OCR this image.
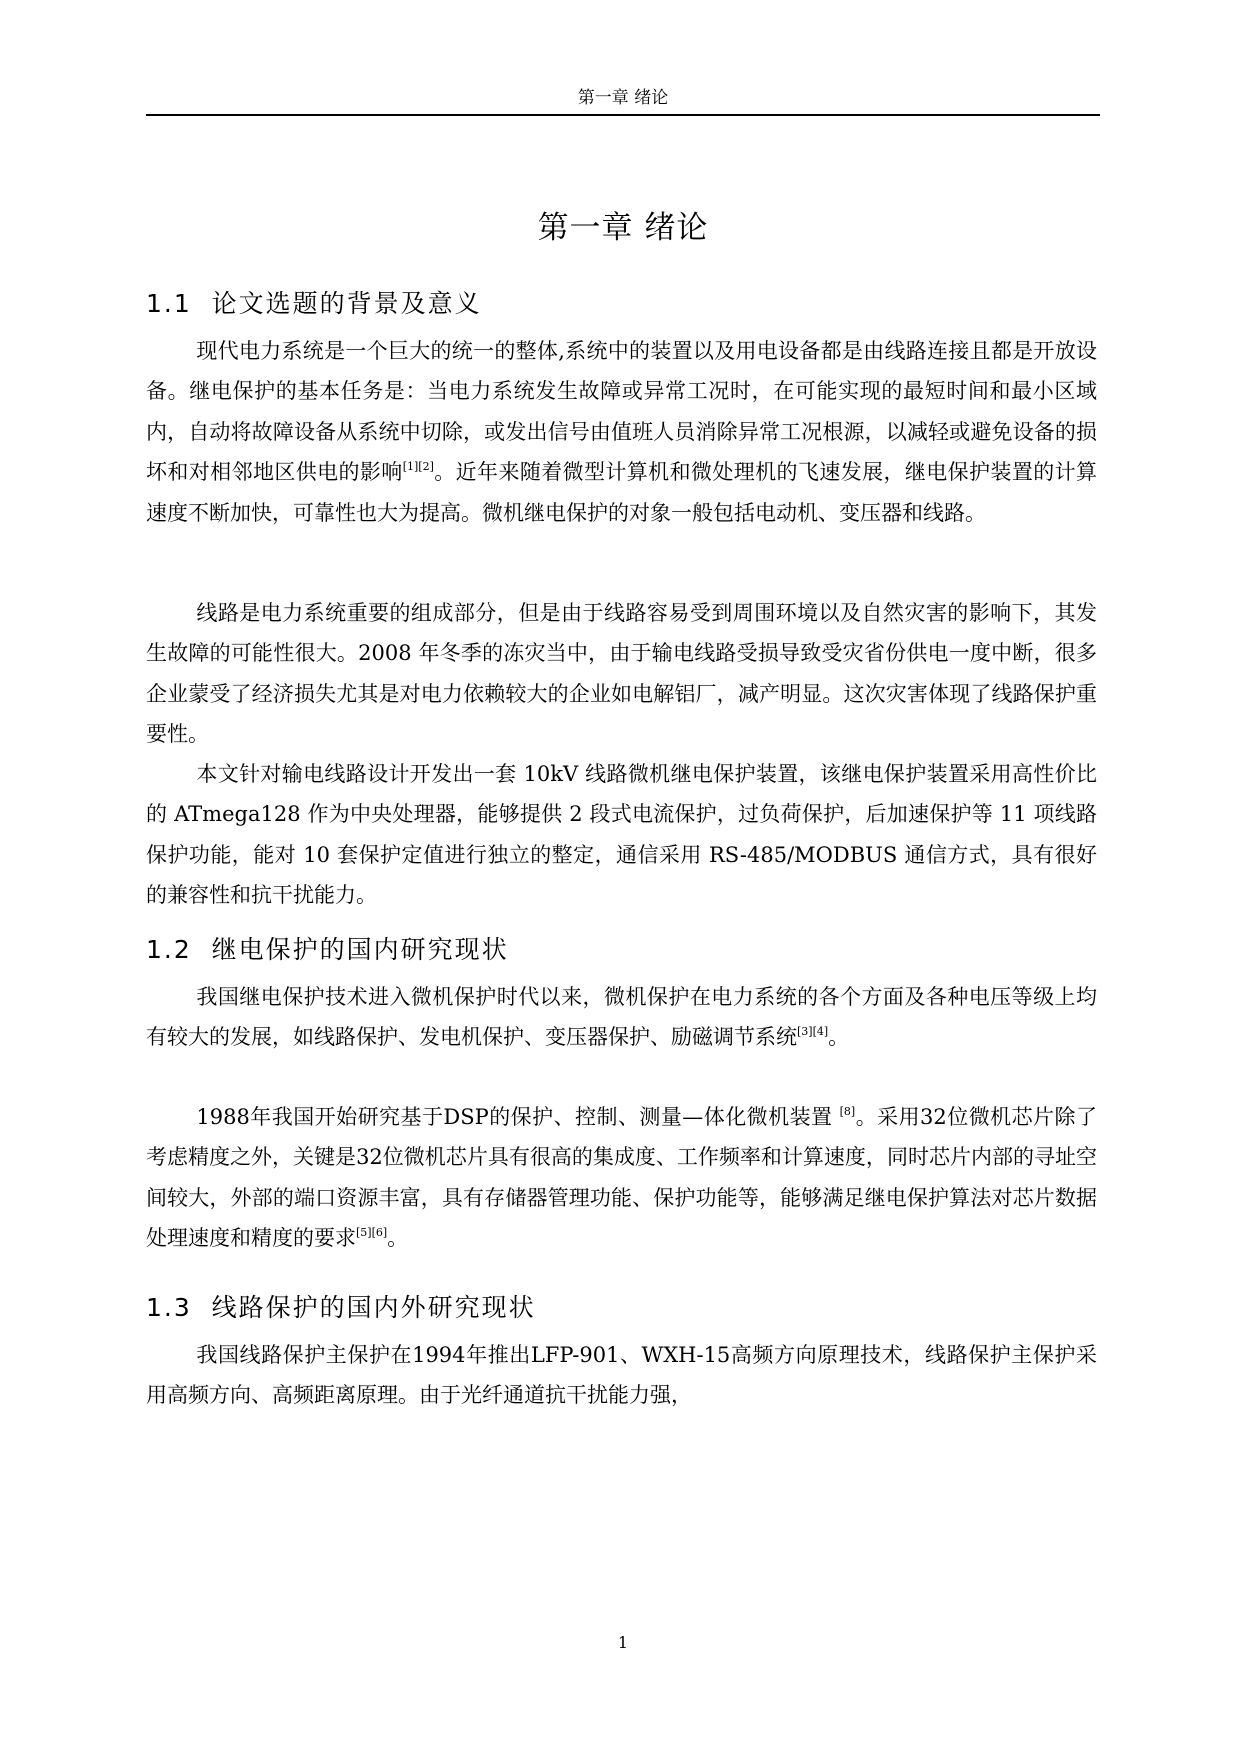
第一章 绪论
第一章 绪论
1.1  论文选题的背景及意义

现代电力系统是一个巨大的统一的整体,系统中的装置以及用电设备都是由线路连接且都是开放设备。继电保护的基本任务是：当电力系统发生故障或异常工况时，在可能实现的最短时间和最小区域内，自动将故障设备从系统中切除，或发出信号由值班人员消除异常工况根源，以减轻或避免设备的损坏和对相邻地区供电的影响[1][2]。近年来随着微型计算机和微处理机的飞速发展，继电保护装置的计算速度不断加快，可靠性也大为提高。微机继电保护的对象一般包括电动机、变压器和线路。

线路是电力系统重要的组成部分，但是由于线路容易受到周围环境以及自然灾害的影响下，其发生故障的可能性很大。2008 年冬季的冻灾当中，由于输电线路受损导致受灾省份供电一度中断，很多企业蒙受了经济损失尤其是对电力依赖较大的企业如电解铝厂，减产明显。这次灾害体现了线路保护重要性。

本文针对输电线路设计开发出一套 10kV 线路微机继电保护装置，该继电保护装置采用高性价比的 ATmega128 作为中央处理器，能够提供 2 段式电流保护，过负荷保护，后加速保护等 11 项线路保护功能，能对 10 套保护定值进行独立的整定，通信采用 RS-485/MODBUS 通信方式，具有很好的兼容性和抗干扰能力。

1.2  继电保护的国内研究现状

我国继电保护技术进入微机保护时代以来，微机保护在电力系统的各个方面及各种电压等级上均有较大的发展，如线路保护、发电机保护、变压器保护、励磁调节系统[3][4]。

1988年我国开始研究基于DSP的保护、控制、测量—体化微机装置 [8]。采用32位微机芯片除了考虑精度之外，关键是32位微机芯片具有很高的集成度、工作频率和计算速度，同时芯片内部的寻址空间较大，外部的端口资源丰富，具有存储器管理功能、保护功能等，能够满足继电保护算法对芯片数据处理速度和精度的要求[5][6]。

1.3  线路保护的国内外研究现状

我国线路保护主保护在1994年推出LFP-901、WXH-15高频方向原理技术，线路保护主保护采用高频方向、高频距离原理。由于光纤通道抗干扰能力强，

1
